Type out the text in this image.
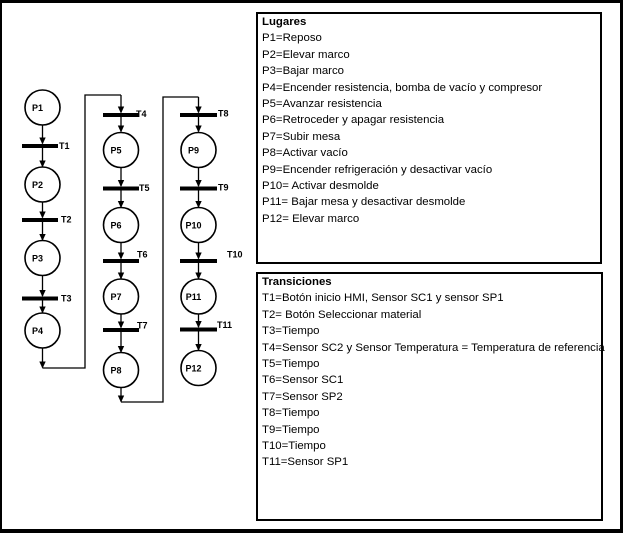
P1
P2
P3
P4
P5
P6
P7
P8
P9
P10
P11
P12
T1
T2
T3
T4
T5
T6
T7
T8
T9
T10
T11
Lugares
P1=Reposo
P2=Elevar marco
P3=Bajar marco
P4=Encender resistencia, bomba de vacío y compresor
P5=Avanzar resistencia
P6=Retroceder y apagar resistencia
P7=Subir mesa
P8=Activar vacío
P9=Encender refrigeración y desactivar vacío
P10= Activar desmolde
P11= Bajar mesa y desactivar desmolde
P12= Elevar marco
Transiciones
T1=Botón inicio HMI, Sensor SC1 y sensor SP1
T2= Botón Seleccionar material
T3=Tiempo
T4=Sensor SC2 y Sensor Temperatura = Temperatura de referencia
T5=Tiempo
T6=Sensor SC1
T7=Sensor SP2
T8=Tiempo
T9=Tiempo
T10=Tiempo
T11=Sensor SP1
